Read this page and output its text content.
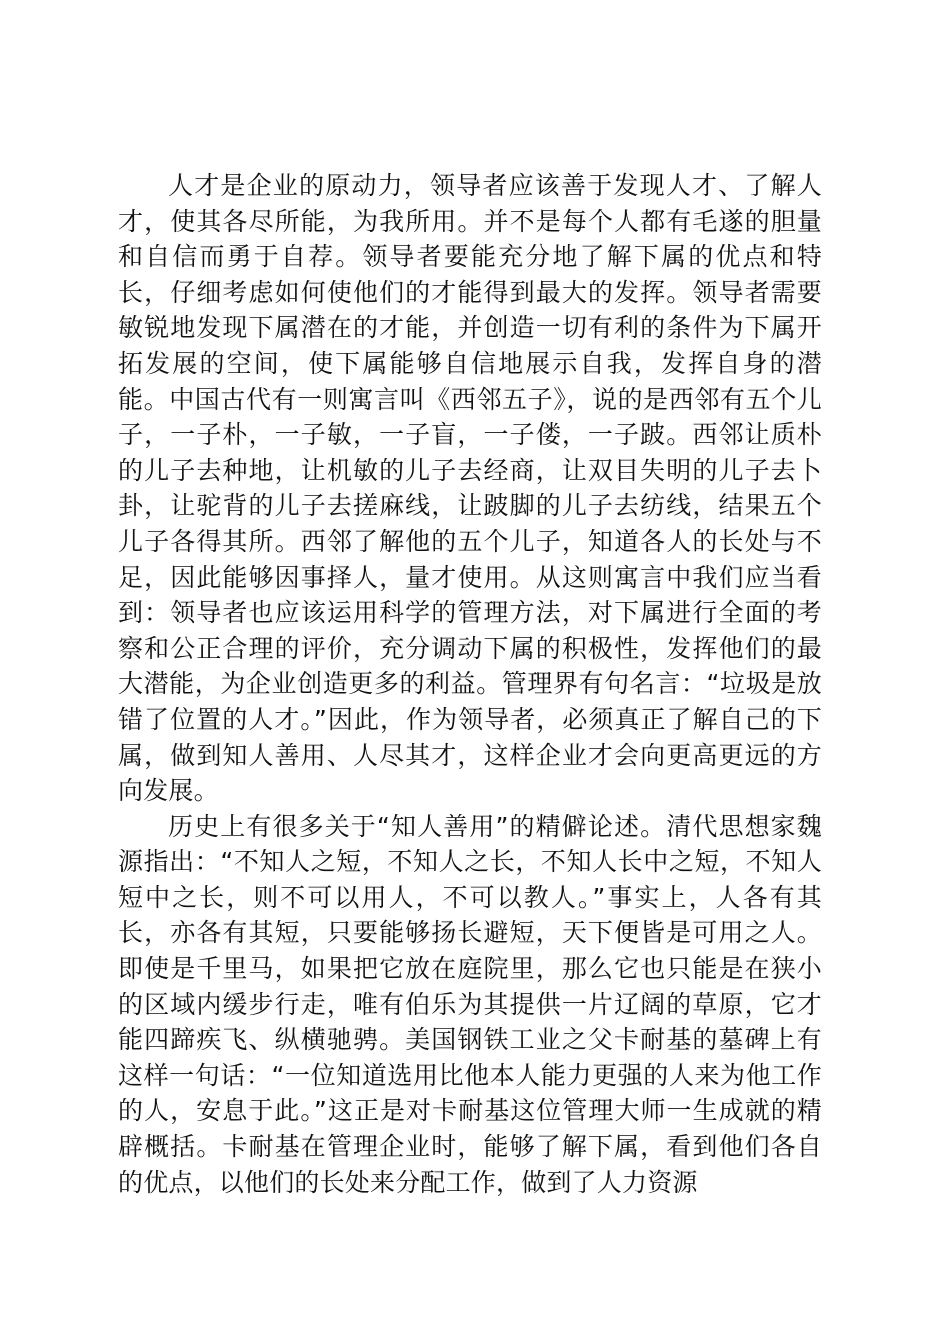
人才是企业的原动力，领导者应该善于发现人才、了解人才，使其各尽所能，为我所用。并不是每个人都有毛遂的胆量和自信而勇于自荐。领导者要能充分地了解下属的优点和特长，仔细考虑如何使他们的才能得到最大的发挥。领导者需要敏锐地发现下属潜在的才能，并创造一切有利的条件为下属开拓发展的空间，使下属能够自信地展示自我，发挥自身的潜能。中国古代有一则寓言叫《西邻五子》，说的是西邻有五个儿子，一子朴，一子敏，一子盲，一子偻，一子跛。西邻让质朴的儿子去种地，让机敏的儿子去经商，让双目失明的儿子去卜卦，让驼背的儿子去搓麻线，让跛脚的儿子去纺线，结果五个儿子各得其所。西邻了解他的五个儿子，知道各人的长处与不足，因此能够因事择人，量才使用。从这则寓言中我们应当看到：领导者也应该运用科学的管理方法，对下属进行全面的考察和公正合理的评价，充分调动下属的积极性，发挥他们的最大潜能，为企业创造更多的利益。管理界有句名言：“垃圾是放错了位置的人才。”因此，作为领导者，必须真正了解自己的下属，做到知人善用、人尽其才，这样企业才会向更高更远的方向发展。

历史上有很多关于“知人善用”的精僻论述。清代思想家魏源指出：“不知人之短，不知人之长，不知人长中之短，不知人短中之长，则不可以用人，不可以教人。”事实上，人各有其长，亦各有其短，只要能够扬长避短，天下便皆是可用之人。即使是千里马，如果把它放在庭院里，那么它也只能是在狭小的区域内缓步行走，唯有伯乐为其提供一片辽阔的草原，它才能四蹄疾飞、纵横驰骋。美国钢铁工业之父卡耐基的墓碑上有这样一句话：“一位知道选用比他本人能力更强的人来为他工作的人，安息于此。”这正是对卡耐基这位管理大师一生成就的精辟概括。卡耐基在管理企业时，能够了解下属，看到他们各自的优点，以他们的长处来分配工作，做到了人力资源
